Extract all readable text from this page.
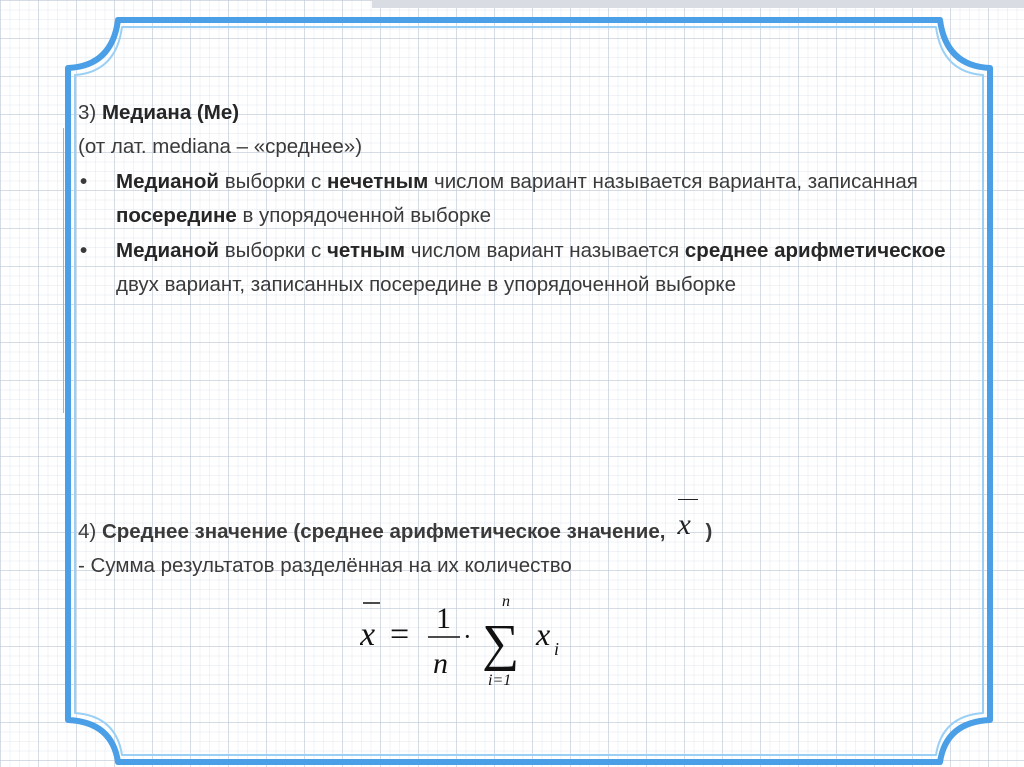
3) Медиана (Ме)

(от лат. mediana – «среднее»)

• Медианой выборки с нечетным числом вариант называется варианта, записанная посередине в упорядоченной выборке
• Медианой выборки с четным числом вариант называется среднее арифметическое двух вариант, записанных посередине в упорядоченной выборке

4) Среднее значение (среднее арифметическое значение, x )

- Сумма результатов разделённая на их количество

x = 1
n
·
n
∑
i=1
x i
